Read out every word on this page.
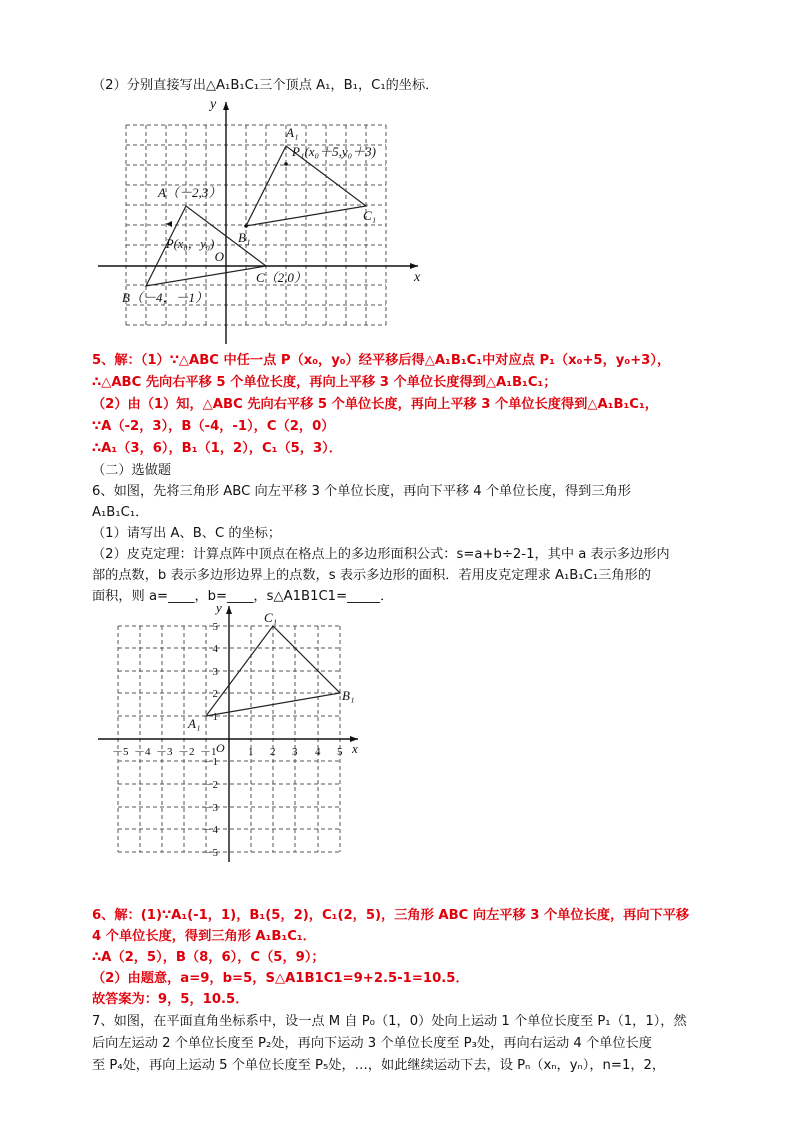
（2）分别直接写出△A₁B₁C₁三个顶点 A₁，B₁，C₁的坐标．
x
y
O
A（－2,3）
B（－4，－1）
C（2,0）
P(x₀，y₀)
A₁
B₁
C₁
P₁(x₀＋5,y₀＋3)
5、解：（1）∵△ABC 中任一点 P（x₀，y₀）经平移后得△A₁B₁C₁中对应点 P₁（x₀+5，y₀+3），
∴△ABC 先向右平移 5 个单位长度，再向上平移 3 个单位长度得到△A₁B₁C₁；
（2）由（1）知，△ABC 先向右平移 5 个单位长度，再向上平移 3 个单位长度得到△A₁B₁C₁，
∵A（-2，3），B（-4，-1），C（2，0）
∴A₁（3，6），B₁（1，2），C₁（5，3）．
（二）选做题
6、如图，先将三角形 ABC 向左平移 3 个单位长度，再向下平移 4 个单位长度，得到三角形
A₁B₁C₁．
（1）请写出 A、B、C 的坐标；
（2）皮克定理：计算点阵中顶点在格点上的多边形面积公式：s=a+b÷2-1，其中 a 表示多边形内
部的点数，b 表示多边形边界上的点数，s 表示多边形的面积．若用皮克定理求 A₁B₁C₁三角形的
面积，则 a=____，b=____，s△A1B1C1=_____．
x
y
O
－5 －4 －3 －2 －1	1 2 3 4 5
5
4
3
2
1
－1
－2
－3
－4
－5
A₁
B₁
C₁
6、解：(1)∵A₁(-1，1)，B₁(5，2)，C₁(2，5)，三角形 ABC 向左平移 3 个单位长度，再向下平移
4 个单位长度，得到三角形 A₁B₁C₁．
∴A（2，5），B（8，6），C（5，9）；
（2）由题意，a=9，b=5，S△A1B1C1=9+2.5-1=10.5．
故答案为：9，5，10.5．
7、如图，在平面直角坐标系中，设一点 M 自 P₀（1，0）处向上运动 1 个单位长度至 P₁（1，1），然
后向左运动 2 个单位长度至 P₂处，再向下运动 3 个单位长度至 P₃处，再向右运动 4 个单位长度
至 P₄处，再向上运动 5 个单位长度至 P₅处，…，如此继续运动下去，设 Pₙ（xₙ，yₙ），n=1，2，
